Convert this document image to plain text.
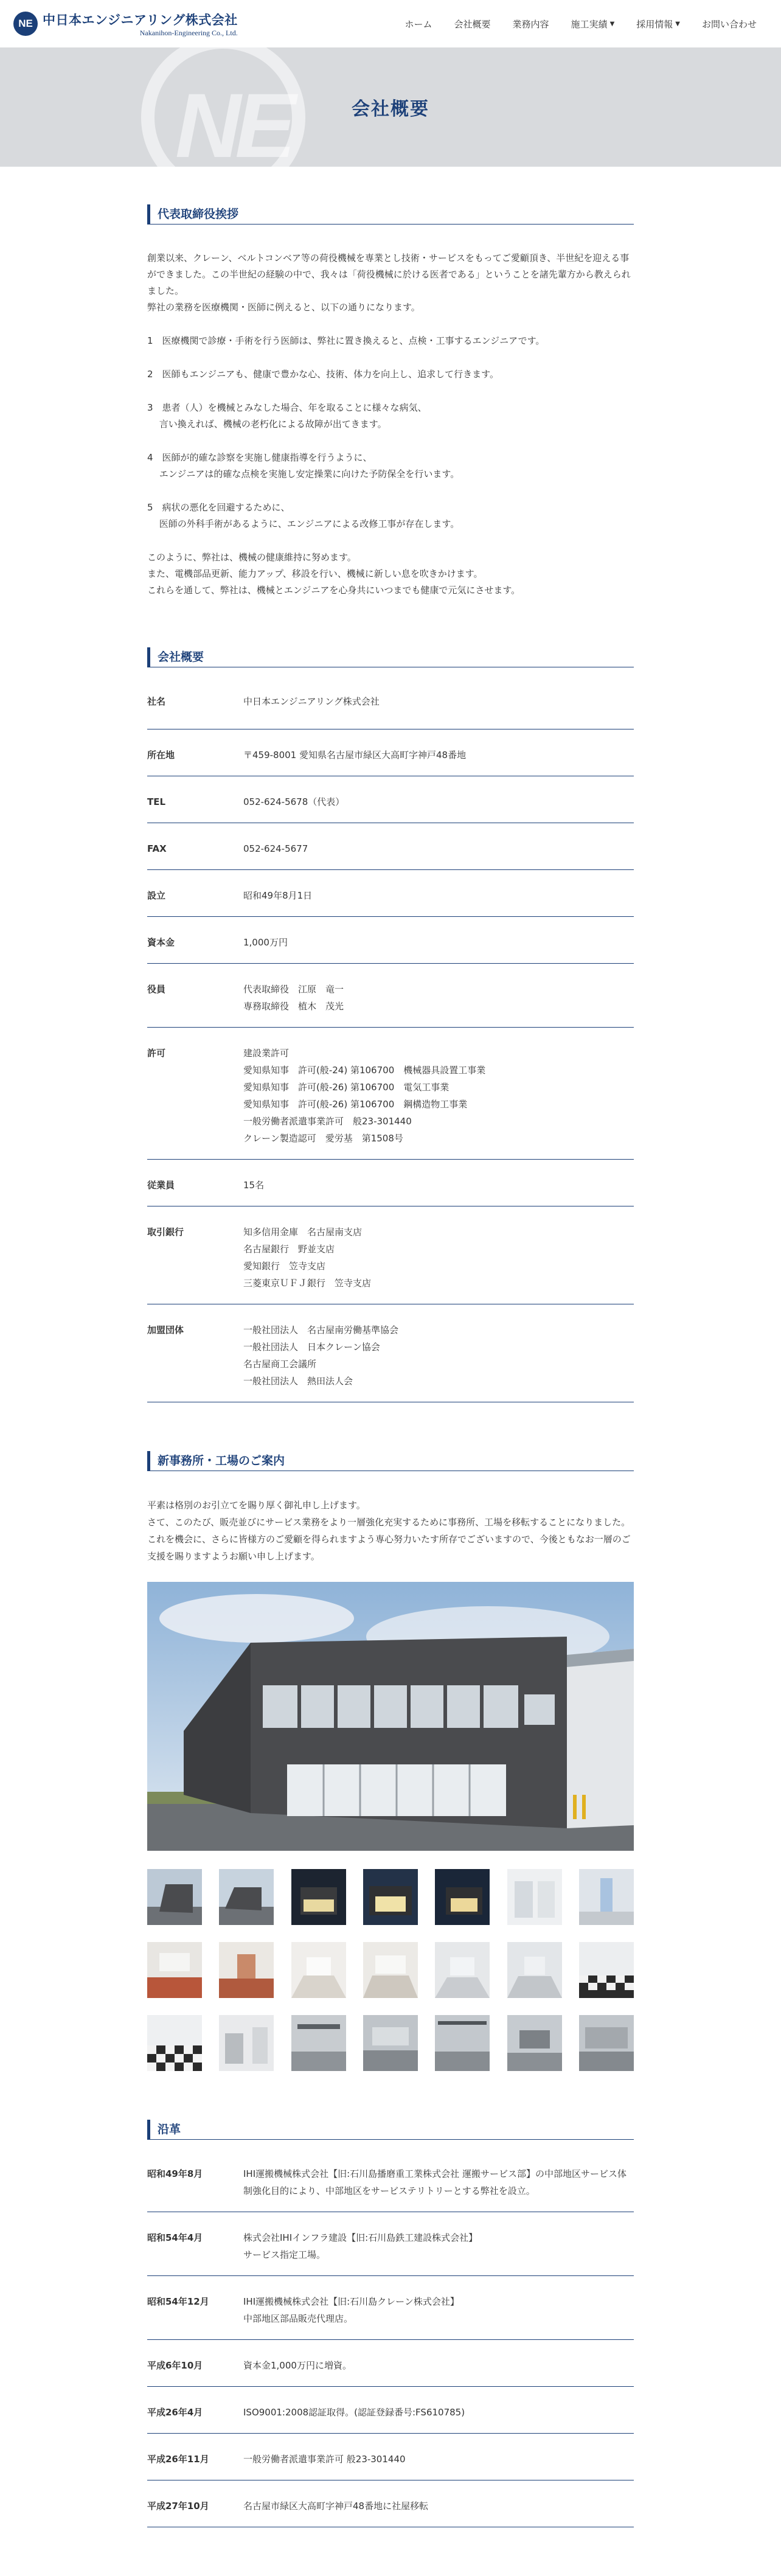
NE 中日本エンジニアリング株式会社
Nakanihon-Engineering Co., Ltd.
ホーム 会社概要 業務内容 施工実績 ▼ 採用情報 ▼ お問い合わせ
NE	会社概要
代表取締役挨拶

創業以来、クレーン、ベルトコンベア等の荷役機械を専業とし技術・サービスをもってご愛顧頂き、半世紀を迎える事ができました。この半世紀の経験の中で、我々は「荷役機械に於ける医者である」ということを諸先輩方から教えられました。

弊社の業務を医療機関・医師に例えると、以下の通りになります。

1　医療機関で診療・手術を行う医師は、弊社に置き換えると、点検・工事するエンジニアです。

2　医師もエンジニアも、健康で豊かな心、技術、体力を向上し、追求して行きます。

3　患者（人）を機械とみなした場合、年を取ることに様々な病気、
　 言い換えれば、機械の老朽化による故障が出てきます。

4　医師が的確な診察を実施し健康指導を行うように、
　 エンジニアは的確な点検を実施し安定操業に向けた予防保全を行います。

5　病状の悪化を回避するために、
　 医師の外科手術があるように、エンジニアによる改修工事が存在します。

このように、弊社は、機械の健康維持に努めます。

また、電機部品更新、能力アップ、移設を行い、機械に新しい息を吹きかけます。

これらを通して、弊社は、機械とエンジニアを心身共にいつまでも健康で元気にさせます。

会社概要
社名	中日本エンジニアリング株式会社
所在地	〒459-8001 愛知県名古屋市緑区大高町字神戸48番地
TEL	052-624-5678（代表）
FAX	052-624-5677
設立	昭和49年8月1日
資本金	1,000万円
役員	代表取締役　江原　竜一
専務取締役　植木　茂光
許可	建設業許可
愛知県知事　許可(般-24) 第106700　機械器具設置工事業
愛知県知事　許可(般-26) 第106700　電気工事業
愛知県知事　許可(般-26) 第106700　鋼構造物工事業
一般労働者派遣事業許可　般23-301440
クレーン製造認可　愛労基　第1508号
従業員	15名
取引銀行	知多信用金庫　名古屋南支店
名古屋銀行　野並支店
愛知銀行　笠寺支店
三菱東京ＵＦＪ銀行　笠寺支店
加盟団体	一般社団法人　名古屋南労働基準協会
一般社団法人　日本クレーン協会
名古屋商工会議所
一般社団法人　熱田法人会
新事務所・工場のご案内

平素は格別のお引立てを賜り厚く御礼申し上げます。

さて、このたび、販売並びにサービス業務をより一層強化充実するために事務所、工場を移転することになりました。これを機会に、さらに皆様方のご愛顧を得られますよう専心努力いたす所存でございますので、今後ともなお一層のご支援を賜りますようお願い申し上げます。

沿革
昭和49年8月	IHI運搬機械株式会社【旧:石川島播磨重工業株式会社 運搬サービス部】の中部地区サービス体制強化目的により、中部地区をサービステリトリーとする弊社を設立。
昭和54年4月	株式会社IHIインフラ建設【旧:石川島鉄工建設株式会社】
サービス指定工場。
昭和54年12月	IHI運搬機械株式会社【旧:石川島クレーン株式会社】
中部地区部品販売代理店。
平成6年10月	資本金1,000万円に増資。
平成26年4月	ISO9001:2008認証取得。(認証登録番号:FS610785)
平成26年11月	一般労働者派遣事業許可 般23-301440
平成27年10月	名古屋市緑区大高町字神戸48番地に社屋移転
